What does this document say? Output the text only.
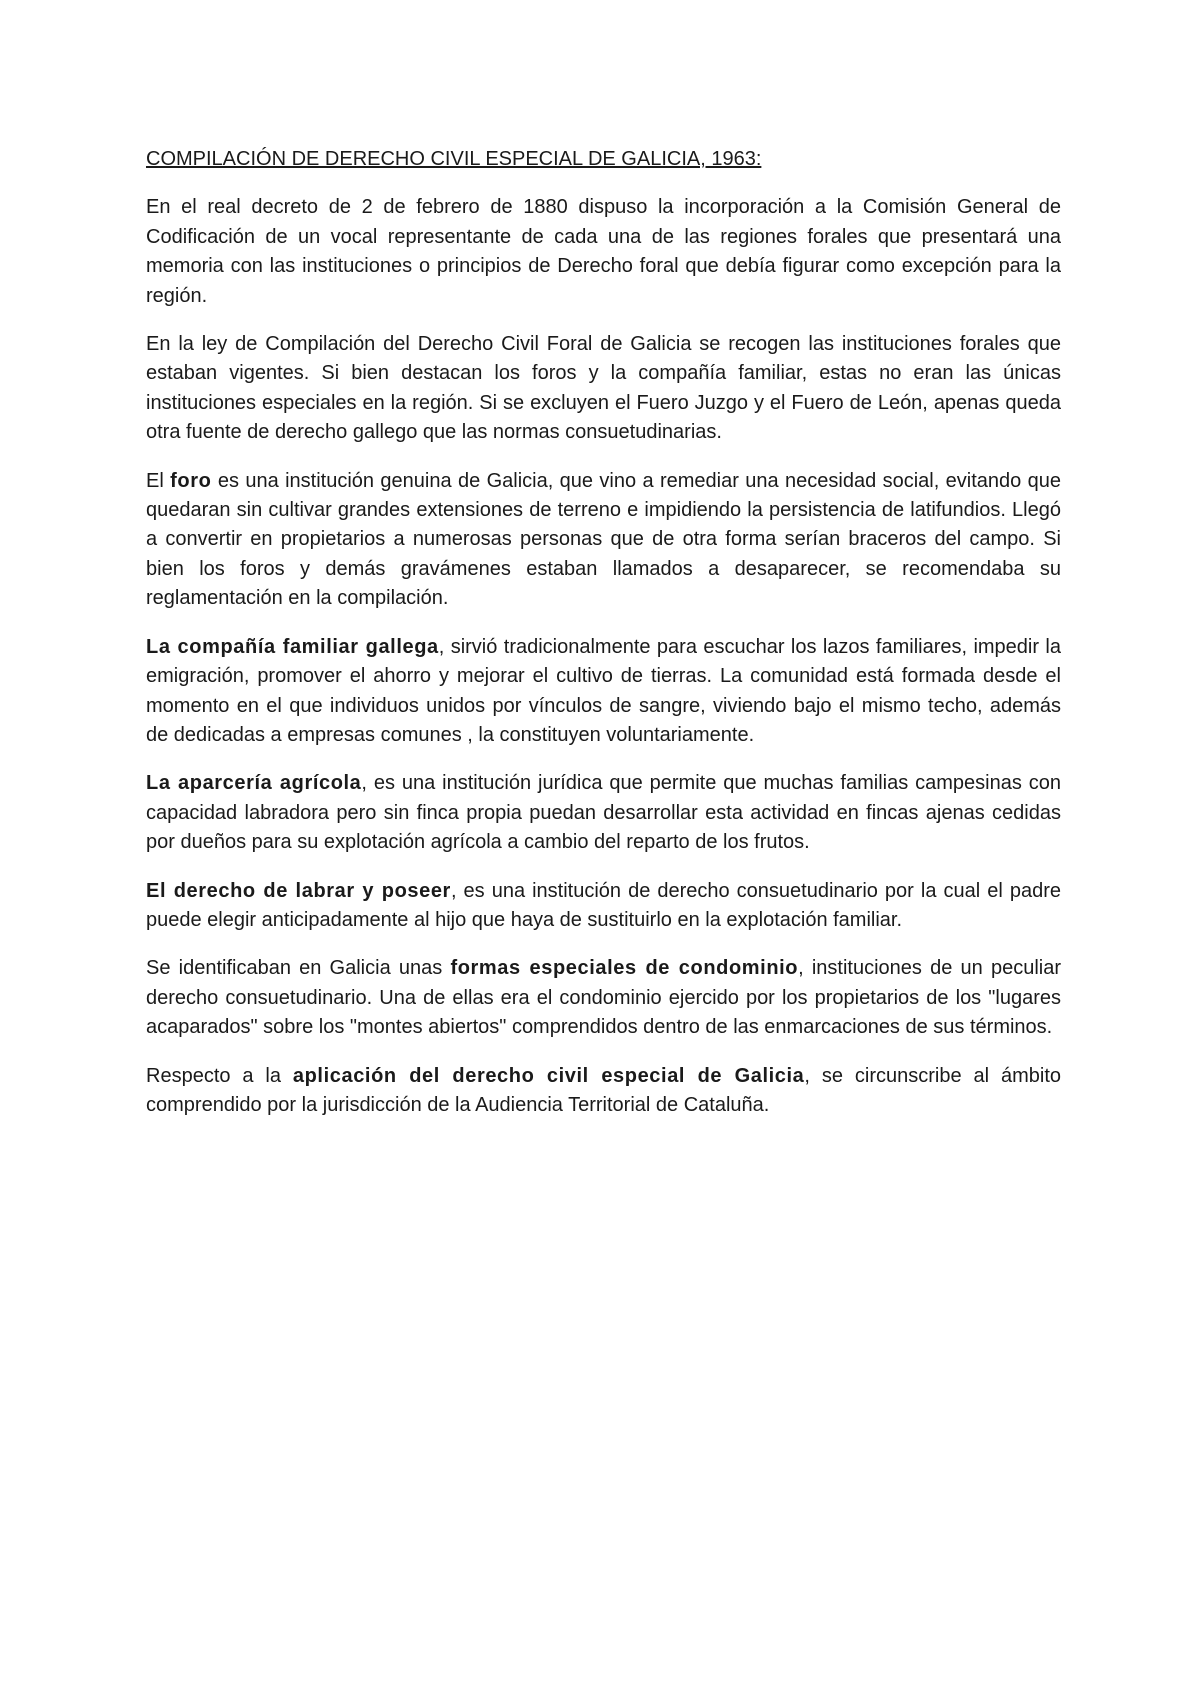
COMPILACIÓN DE DERECHO CIVIL ESPECIAL DE GALICIA, 1963:

En el real decreto de 2 de febrero de 1880 dispuso la incorporación a la Comisión General de Codificación de un vocal representante de cada una de las regiones forales que presentará una memoria con las instituciones o principios de Derecho foral que debía figurar como excepción para la región.

En la ley de Compilación del Derecho Civil Foral de Galicia se recogen las instituciones forales que estaban vigentes. Si bien destacan los foros y la compañía familiar, estas no eran las únicas instituciones especiales en la región. Si se excluyen el Fuero Juzgo y el Fuero de León, apenas queda otra fuente de derecho gallego que las normas consuetudinarias.

El foro es una institución genuina de Galicia, que vino a remediar una necesidad social, evitando que quedaran sin cultivar grandes extensiones de terreno e impidiendo la persistencia de latifundios. Llegó a convertir en propietarios a numerosas personas que de otra forma serían braceros del campo. Si bien los foros y demás gravámenes estaban llamados a desaparecer, se recomendaba su reglamentación en la compilación.

La compañía familiar gallega, sirvió tradicionalmente para escuchar los lazos familiares, impedir la emigración, promover el ahorro y mejorar el cultivo de tierras. La comunidad está formada desde el momento en el que individuos unidos por vínculos de sangre, viviendo bajo el mismo techo, además de dedicadas a empresas comunes , la constituyen voluntariamente.

La aparcería agrícola, es una institución jurídica que permite que muchas familias campesinas con capacidad labradora pero sin finca propia puedan desarrollar esta actividad en fincas ajenas cedidas por dueños para su explotación agrícola a cambio del reparto de los frutos.

El derecho de labrar y poseer, es una institución de derecho consuetudinario por la cual el padre puede elegir anticipadamente al hijo que haya de sustituirlo en la explotación familiar.

Se identificaban en Galicia unas formas especiales de condominio, instituciones de un peculiar derecho consuetudinario. Una de ellas era el condominio ejercido por los propietarios de los "lugares acaparados" sobre los "montes abiertos" comprendidos dentro de las enmarcaciones de sus términos.

Respecto a la aplicación del derecho civil especial de Galicia, se circunscribe al ámbito comprendido por la jurisdicción de la Audiencia Territorial de Cataluña.
